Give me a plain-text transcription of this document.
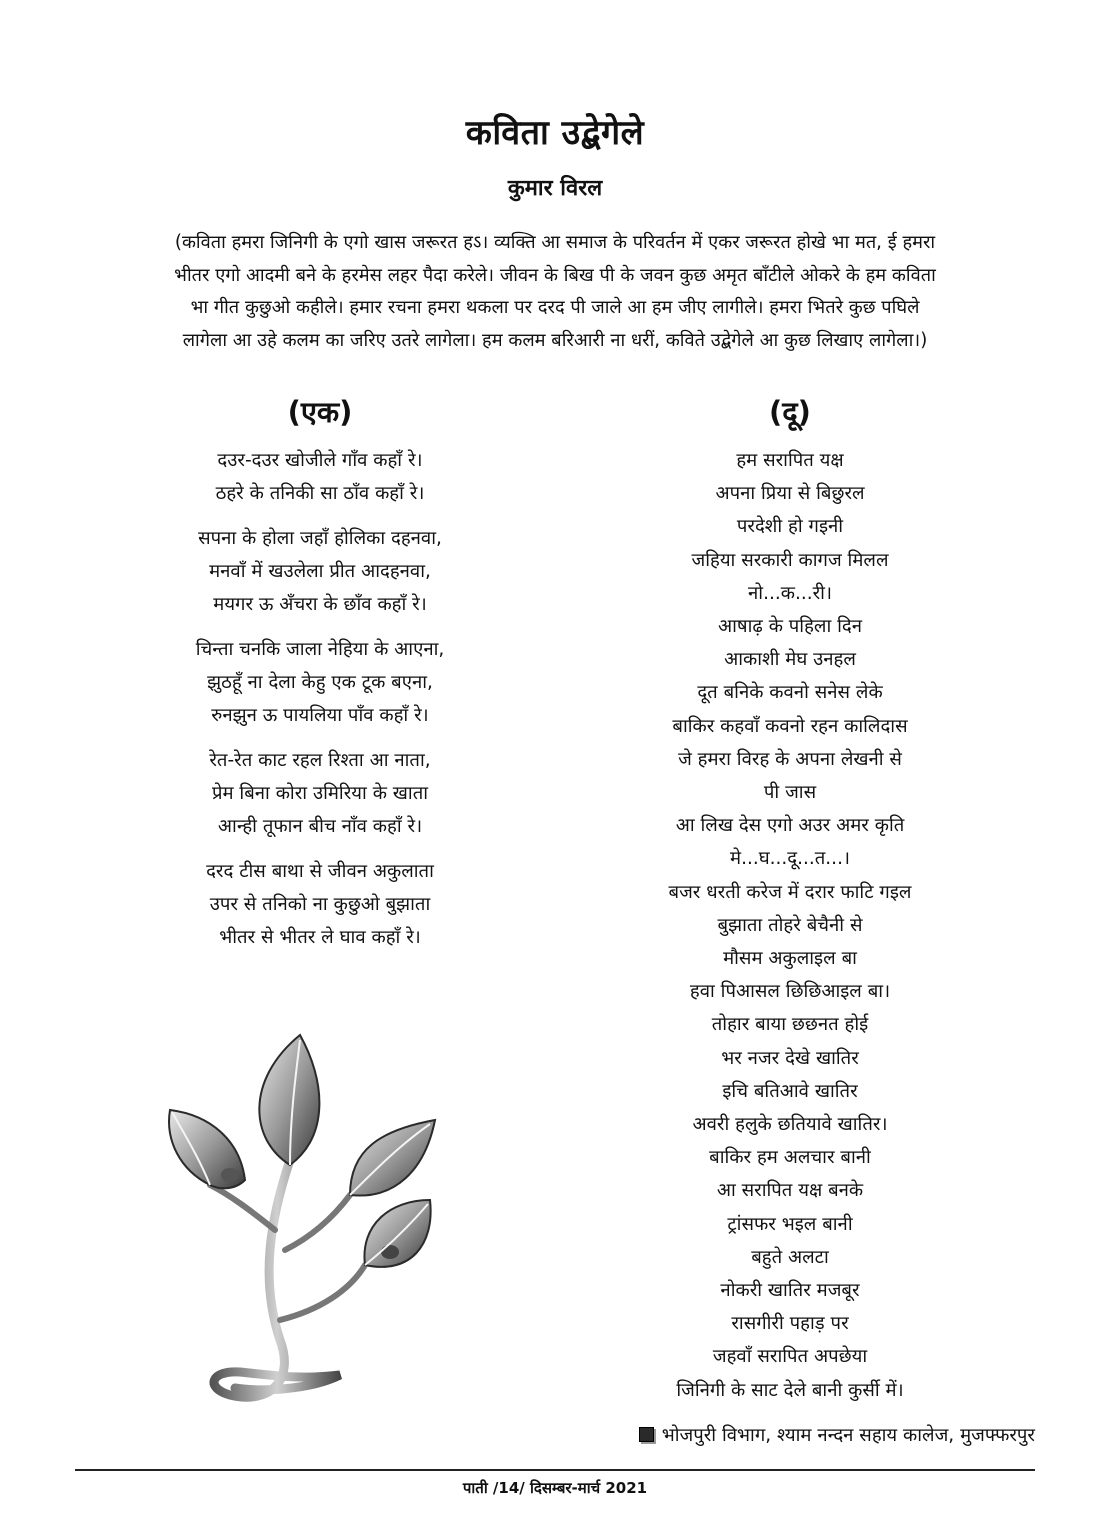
कविता उद्बेगेले
कुमार विरल
(कविता हमरा जिनिगी के एगो खास जरूरत हऽ। व्यक्ति आ समाज के परिवर्तन में एकर जरूरत होखे भा मत, ई हमरा
भीतर एगो आदमी बने के हरमेस लहर पैदा करेले। जीवन के बिख पी के जवन कुछ अमृत बाँटीले ओकरे के हम कविता
भा गीत कुछुओ कहीले। हमार रचना हमरा थकला पर दरद पी जाले आ हम जीए लागीले। हमरा भितरे कुछ पघिले
लागेला आ उहे कलम का जरिए उतरे लागेला। हम कलम बरिआरी ना धरीं, कविते उद्बेगेले आ कुछ लिखाए लागेला।)
(एक)
दउर-दउर खोजीले गाँव कहाँ रे।
ठहरे के तनिकी सा ठाँव कहाँ रे।
सपना के होला जहाँ होलिका दहनवा,
मनवाँ में खउलेला प्रीत आदहनवा,
मयगर ऊ अँचरा के छाँव कहाँ रे।
चिन्ता चनकि जाला नेहिया के आएना,
झुठहूँ ना देला केहु एक टूक बएना,
रुनझुन ऊ पायलिया पाँव कहाँ रे।
रेत-रेत काट रहल रिश्ता आ नाता,
प्रेम बिना कोरा उमिरिया के खाता
आन्ही तूफान बीच नाँव कहाँ रे।
दरद टीस बाथा से जीवन अकुलाता
उपर से तनिको ना कुछुओ बुझाता
भीतर से भीतर ले घाव कहाँ रे।
(दू)
हम सरापित यक्ष
अपना प्रिया से बिछुरल
परदेशी हो गइनी
जहिया सरकारी कागज मिलल
नो...क...री।
आषाढ़ के पहिला दिन
आकाशी मेघ उनहल
दूत बनिके कवनो सनेस लेके
बाकिर कहवाँ कवनो रहन कालिदास
जे हमरा विरह के अपना लेखनी से
पी जास
आ लिख देस एगो अउर अमर कृति
मे...घ...दू...त...।
बजर धरती करेज में दरार फाटि गइल
बुझाता तोहरे बेचैनी से
मौसम अकुलाइल बा
हवा पिआसल छिछिआइल बा।
तोहार बाया छछनत होई
भर नजर देखे खातिर
इचि बतिआवे खातिर
अवरी हलुके छतियावे खातिर।
बाकिर हम अलचार बानी
आ सरापित यक्ष बनके
ट्रांसफर भइल बानी
बहुते अलटा
नोकरी खातिर मजबूर
रासगीरी पहाड़ पर
जहवाँ सरापित अपछेया
जिनिगी के साट देले बानी कुर्सी में।
भोजपुरी विभाग, श्याम नन्दन सहाय कालेज, मुजफ्फरपुर
पाती /14/ दिसम्बर-मार्च 2021
